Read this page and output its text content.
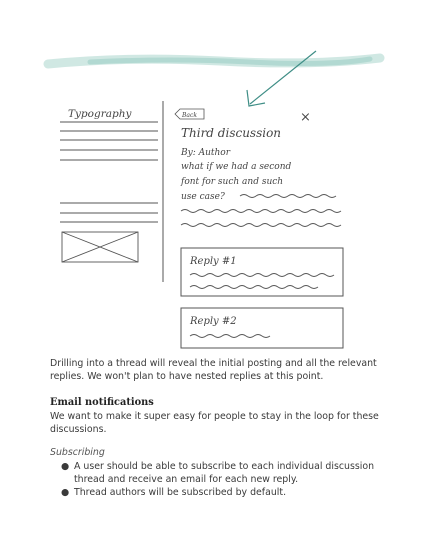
Typography	Back	×
Third discussion
By: Author
what if we had a second
font for such and such
use case?
Reply #1
Reply #2

Drilling into a thread will reveal the initial posting and all the relevant replies. We won't plan to have nested replies at this point.

Email notifications

We want to make it super easy for people to stay in the loop for these discussions.

Subscribing

● A user should be able to subscribe to each individual discussion thread and receive an email for each new reply.
● Thread authors will be subscribed by default.
